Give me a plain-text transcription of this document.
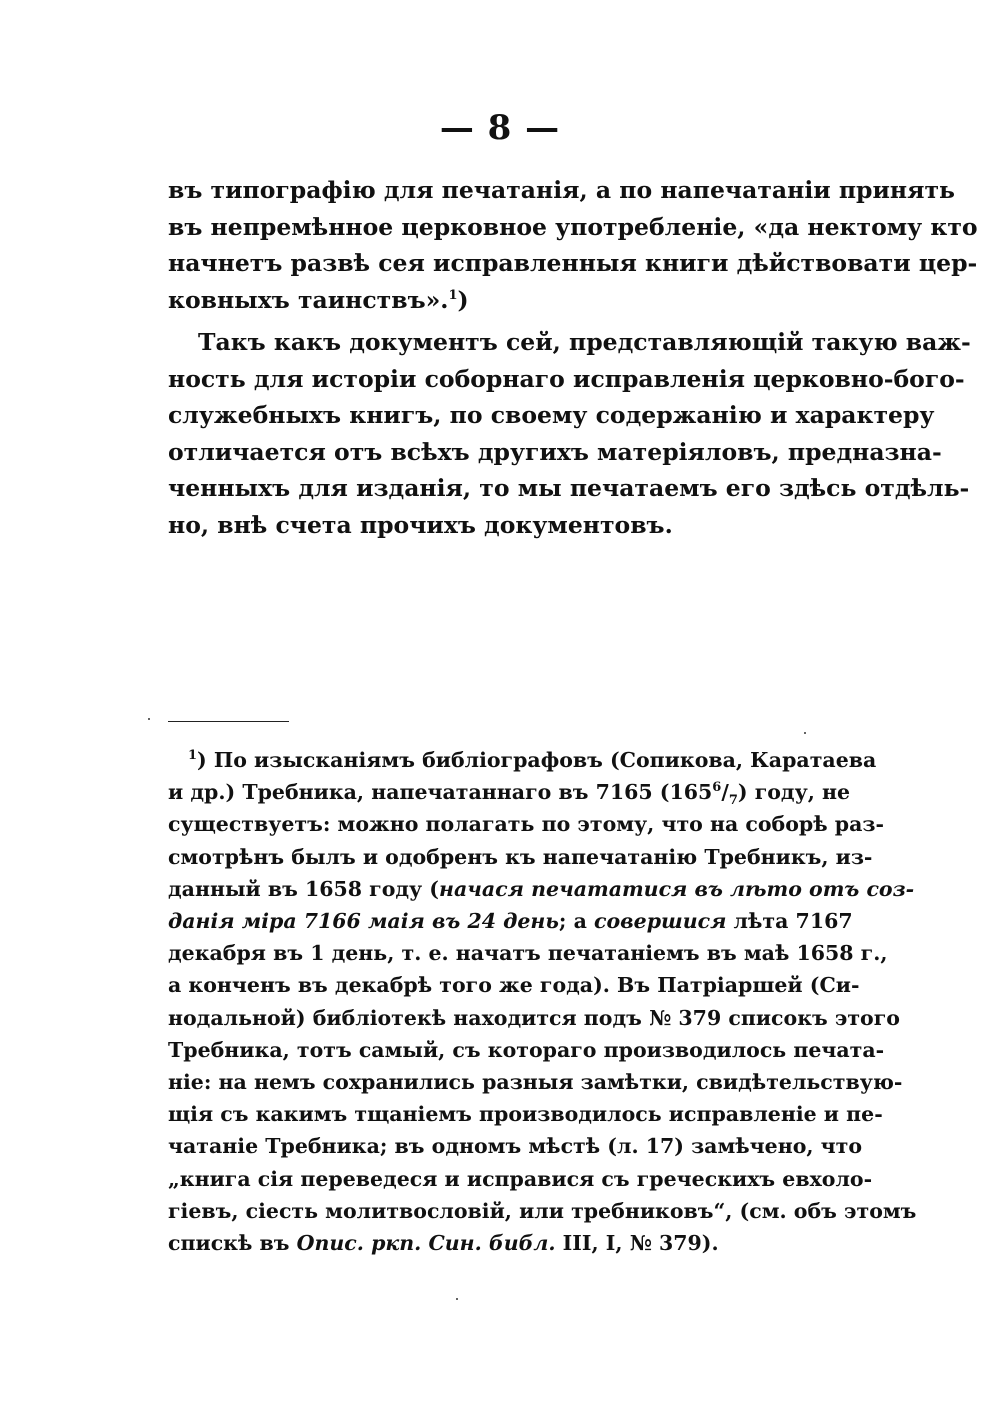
— 8 —
въ типографію для печатанія, а по напечатаніи принять
въ непремѣнное церковное употребленіе, «да нектому кто
начнетъ развѣ сея исправленныя книги дѣйствовати цер-
ковныхъ таинствъ».$^1$)
Такъ какъ документъ сей, представляющій такую важ-
ность для исторіи соборнаго исправленія церковно-бого-
служебныхъ книгъ, по своему содержанію и характеру
отличается отъ всѣхъ другихъ матеріяловъ, предназна-
ченныхъ для изданія, то мы печатаемъ его здѣсь отдѣль-
но, внѣ счета прочихъ документовъ.
$^1$) По изысканіямъ библіографовъ (Сопикова, Каратаева
и др.) Требника, напечатаннаго въ 7165 $(165^6/_7)$ году, не
существуетъ: можно полагать по этому, что на соборѣ раз-
смотрѣнъ былъ и одобренъ къ напечатанію Требникъ, из-
данный въ 1658 году (начася печататися въ лѣто отъ соз-
данія міра 7166 маія въ 24 день; а совершися лѣта 7167
декабря въ 1 день, т. е. начатъ печатаніемъ въ маѣ 1658 г.,
а конченъ въ декабрѣ того же года). Въ Патріаршей (Си-
нодальной) библіотекѣ находится подъ № 379 списокъ этого
Требника, тотъ самый, съ котораго производилось печата-
ніе: на немъ сохранились разныя замѣтки, свидѣтельствую-
щія съ какимъ тщаніемъ производилось исправленіе и пе-
чатаніе Требника; въ одномъ мѣстѣ (л. 17) замѣчено, что
„книга сія переведеся и исправися съ греческихъ евхоло-
гіевъ, сіесть молитвословій, или требниковъ“, (см. объ этомъ
спискѣ въ Опис. ркп. Син. библ. III, I, № 379).
